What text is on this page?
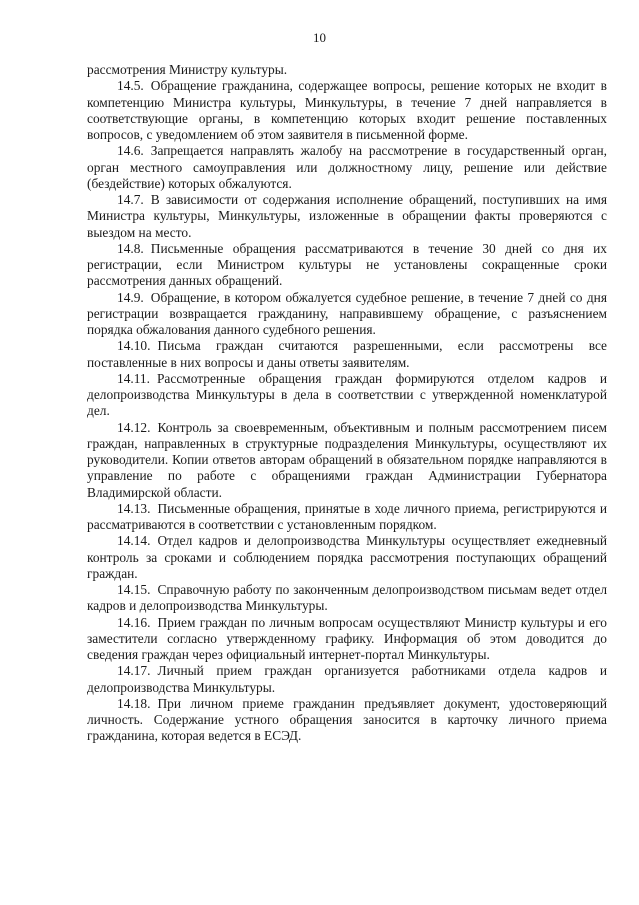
10

рассмотрения Министру культуры.

14.5. Обращение гражданина, содержащее вопросы, решение которых не входит в компетенцию Министра культуры, Минкультуры, в течение 7 дней направляется в соответствующие органы, в компетенцию которых входит решение поставленных вопросов, с уведомлением об этом заявителя в письменной форме.

14.6. Запрещается направлять жалобу на рассмотрение в государственный орган, орган местного самоуправления или должностному лицу, решение или действие (бездействие) которых обжалуются.

14.7. В зависимости от содержания исполнение обращений, поступивших на имя Министра культуры, Минкультуры, изложенные в обращении факты проверяются с выездом на место.

14.8. Письменные обращения рассматриваются в течение 30 дней со дня их регистрации, если Министром культуры не установлены сокращенные сроки рассмотрения данных обращений.

14.9. Обращение, в котором обжалуется судебное решение, в течение 7 дней со дня регистрации возвращается гражданину, направившему обращение, с разъяснением порядка обжалования данного судебного решения.

14.10. Письма граждан считаются разрешенными, если рассмотрены все поставленные в них вопросы и даны ответы заявителям.

14.11. Рассмотренные обращения граждан формируются отделом кадров и делопроизводства Минкультуры в дела в соответствии с утвержденной номенклатурой дел.

14.12. Контроль за своевременным, объективным и полным рассмотрением писем граждан, направленных в структурные подразделения Минкультуры, осуществляют их руководители. Копии ответов авторам обращений в обязательном порядке направляются в управление по работе с обращениями граждан Администрации Губернатора Владимирской области.

14.13. Письменные обращения, принятые в ходе личного приема, регистрируются и рассматриваются в соответствии с установленным порядком.

14.14. Отдел кадров и делопроизводства Минкультуры осуществляет ежедневный контроль за сроками и соблюдением порядка рассмотрения поступающих обращений граждан.

14.15. Справочную работу по законченным делопроизводством письмам ведет отдел кадров и делопроизводства Минкультуры.

14.16. Прием граждан по личным вопросам осуществляют Министр культуры и его заместители согласно утвержденному графику. Информация об этом доводится до сведения граждан через официальный интернет-портал Минкультуры.

14.17. Личный прием граждан организуется работниками отдела кадров и делопроизводства Минкультуры.

14.18. При личном приеме гражданин предъявляет документ, удостоверяющий личность. Содержание устного обращения заносится в карточку личного приема гражданина, которая ведется в ЕСЭД.
